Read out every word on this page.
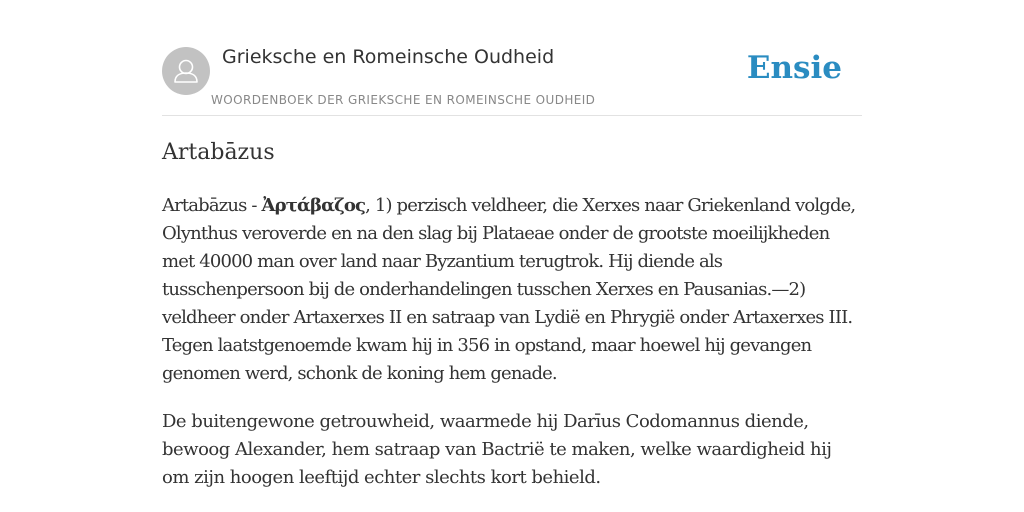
Grieksche en Romeinsche Oudheid
WOORDENBOEK DER GRIEKSCHE EN ROMEINSCHE OUDHEID
Ensie
Artabāzus

Artabāzus - Ἀρτάβαζος, 1) perzisch veldheer, die Xerxes naar Griekenland volgde, Olynthus veroverde en na den slag bij Plataeae onder de grootste moeilijkheden met 40000 man over land naar Byzantium terugtrok. Hij diende als tusschenpersoon bij de onderhandelingen tusschen Xerxes en Pausanias.—2) veldheer onder Artaxerxes II en satraap van Lydië en Phrygië onder Artaxerxes III. Tegen laatstgenoemde kwam hij in 356 in opstand, maar hoewel hij gevangen genomen werd, schonk de koning hem genade.

De buitengewone getrouwheid, waarmede hij Darīus Codomannus diende, bewoog Alexander, hem satraap van Bactrië te maken, welke waardigheid hij om zijn hoogen leeftijd echter slechts kort behield.
